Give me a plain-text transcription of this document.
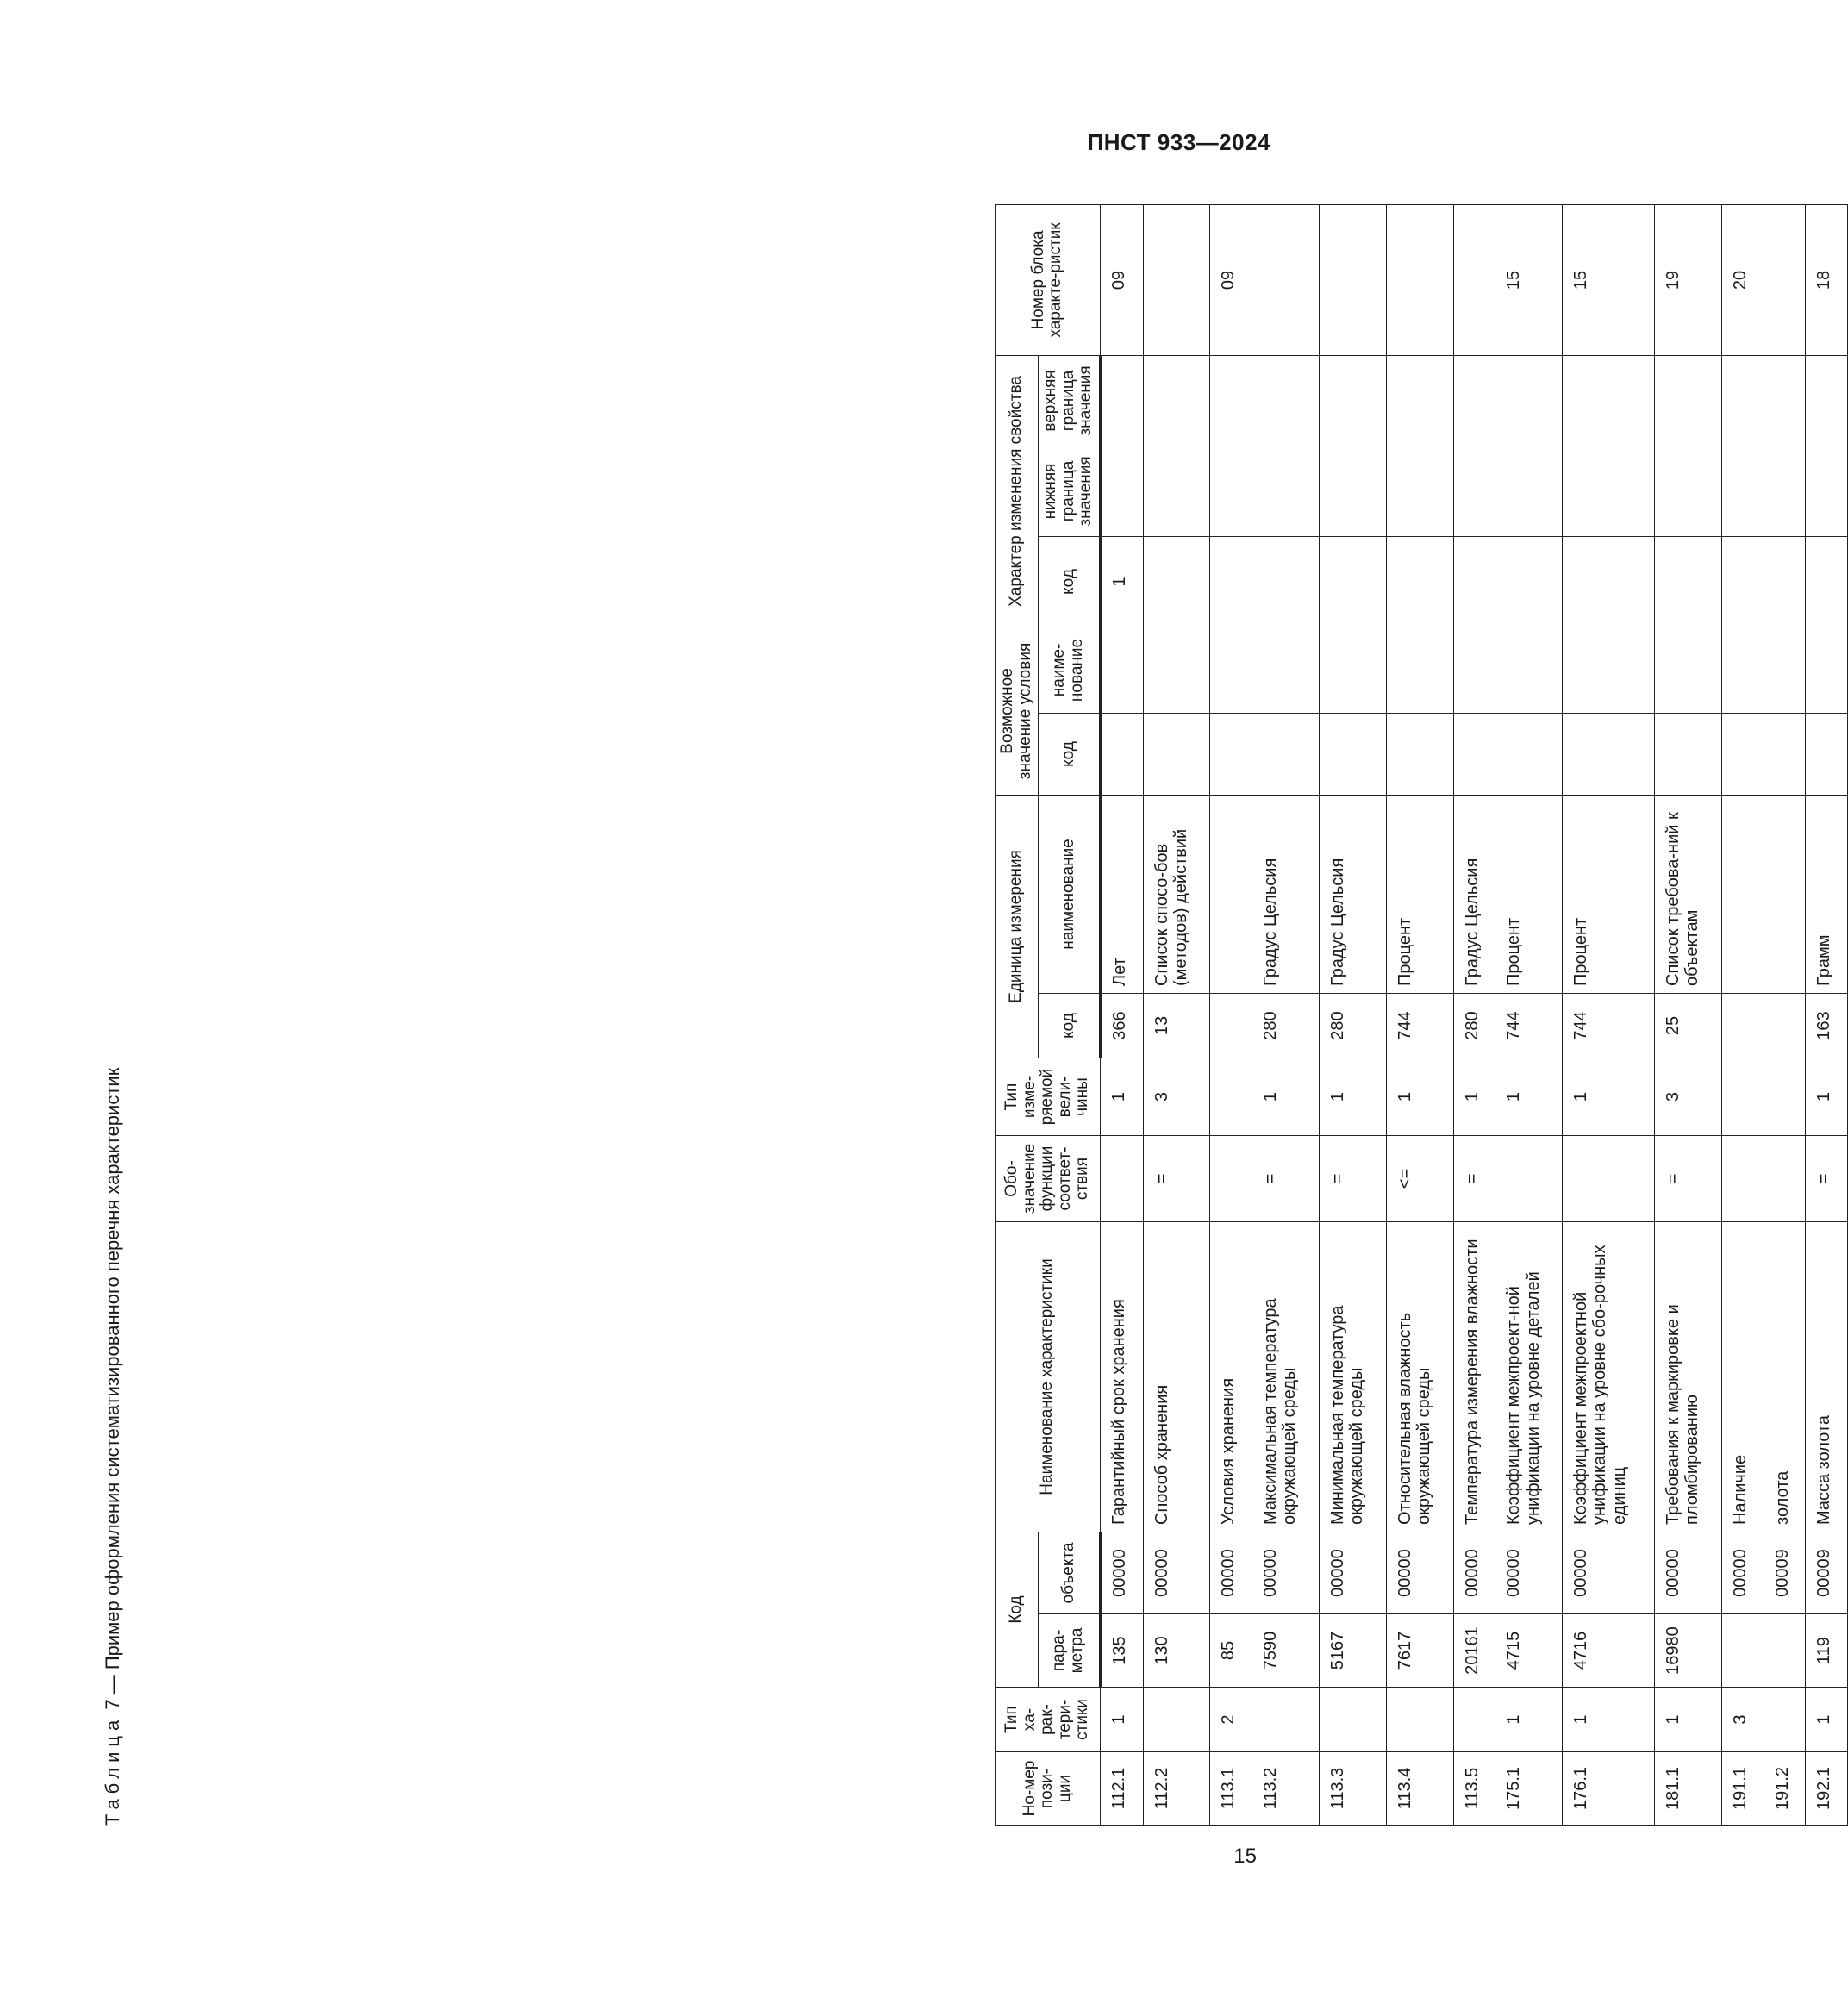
ПНСТ 933—2024
Таблица 7 — Пример оформления систематизированного перечня характеристик
Но-мер пози-ции	Тип ха-рак-тери-стики	Код		Наименование характеристики	Обо-значение функции соответ-ствия	Тип изме-ряемой вели-чины	Единица измерения		Возможное значение условия		Характер изменения свойства			Номер блока характе-ристик
		пара-метра	объекта				код	наименование	код	наиме-нование	код	нижняя граница значения	верхняя граница значения	
112.1	1	135	00000	Гарантийный срок хранения		1	366	Лет			1			09
112.2		130	00000	Способ хранения	=	3	13	Список спосо-бов (методов) действий						
113.1	2	85	00000	Условия хранения										09
113.2		7590	00000	Максимальная температура окружающей среды	=	1	280	Градус Цельсия						
113.3		5167	00000	Минимальная температура окружающей среды	=	1	280	Градус Цельсия						
113.4		7617	00000	Относительная влажность окружающей среды	<=	1	744	Процент						
113.5		20161	00000	Температура измерения влажности	=	1	280	Градус Цельсия						
175.1	1	4715	00000	Коэффициент межпроект-ной унификации на уровне деталей		1	744	Процент						15
176.1	1	4716	00000	Коэффициент межпроектной унификации на уровне сбо-рочных единиц		1	744	Процент						15
181.1	1	16980	00000	Требования к маркировке и пломбированию	=	3	25	Список требова-ний к объектам						19
191.1	3		00000	Наличие										20
191.2			00009	золота										
192.1	1	119	00009	Масса золота	=	1	163	Грамм						18
15
